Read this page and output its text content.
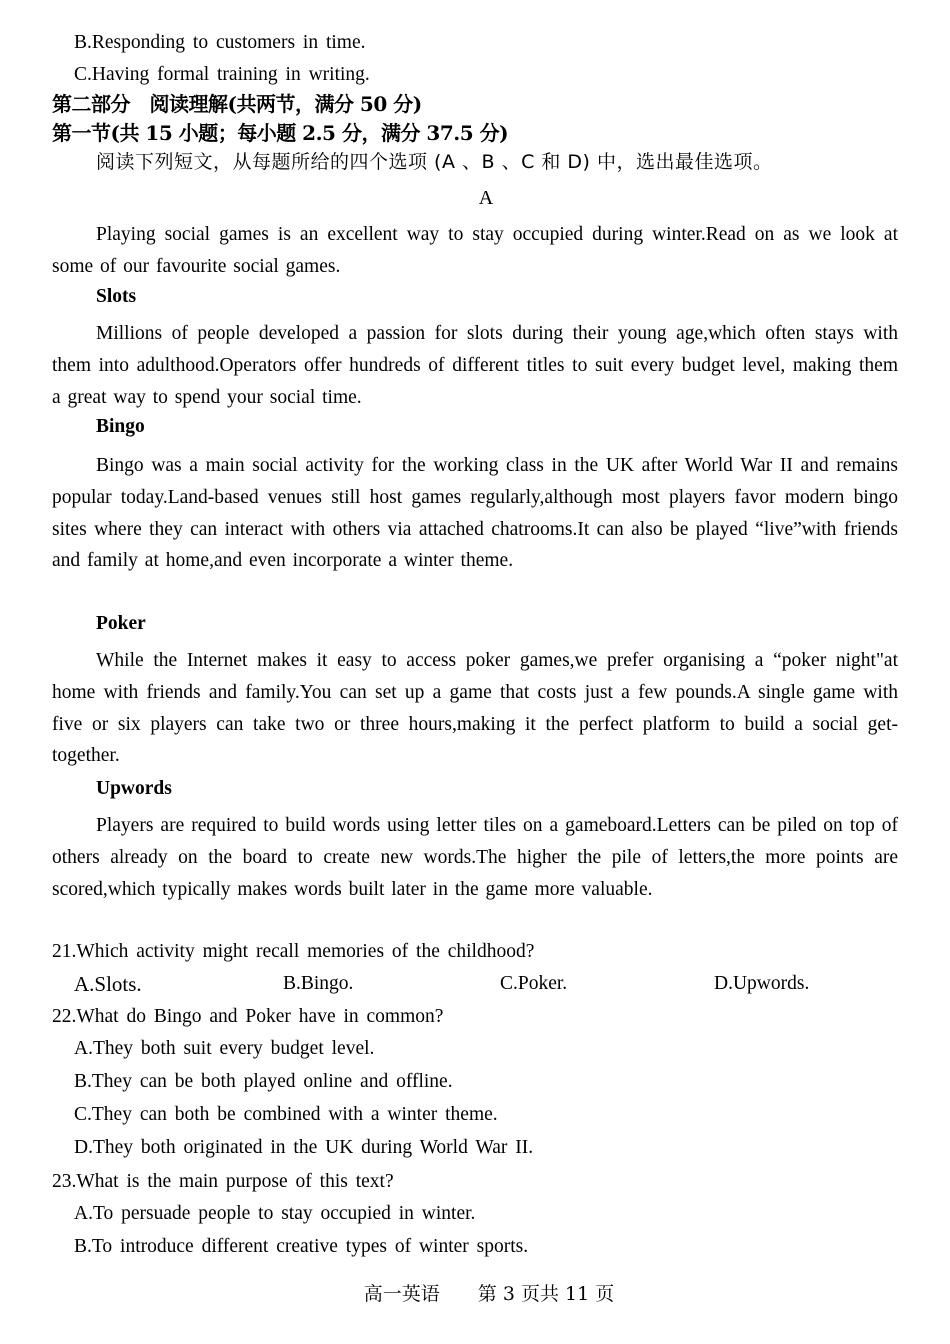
B.Responding to customers in time.
C.Having formal training in writing.
第二部分　阅读理解(共两节，满分 50 分)
第一节(共 15 小题；每小题 2.5 分，满分 37.5 分)
阅读下列短文，从每题所给的四个选项 (A 、B 、C 和 D) 中，选出最佳选项。
A
Playing social games is an excellent way to stay occupied during winter.Read on as we look at some of our favourite social games.
Slots
Millions of people developed a passion for slots during their young age,which often stays with them into adulthood.Operators offer hundreds of different titles to suit every budget level, making them a great way to spend your social time.
Bingo
Bingo was a main social activity for the working class in the UK after World War II and remains popular today.Land-based venues still host games regularly,although most players favor modern bingo sites where they can interact with others via attached chatrooms.It can also be played “live”with friends and family at home,and even incorporate a winter theme.
Poker
While the Internet makes it easy to access poker games,we prefer organising a “poker night"at home with friends and family.You can set up a game that costs just a few pounds.A single game with five or six players can take two or three hours,making it the perfect platform to build a social get-together.
Upwords
Players are required to build words using letter tiles on a gameboard.Letters can be piled on top of others already on the board to create new words.The higher the pile of letters,the more points are scored,which typically makes words built later in the game more valuable.
21.Which activity might recall memories of the childhood?
A.Slots.	B.Bingo.	C.Poker.	D.Upwords.
22.What do Bingo and Poker have in common?
A.They both suit every budget level.
B.They can be both played online and offline.
C.They can both be combined with a winter theme.
D.They both originated in the UK during World War II.
23.What is the main purpose of this text?
A.To persuade people to stay occupied in winter.
B.To introduce different creative types of winter sports.
高一英语　　第 3 页共 11 页
